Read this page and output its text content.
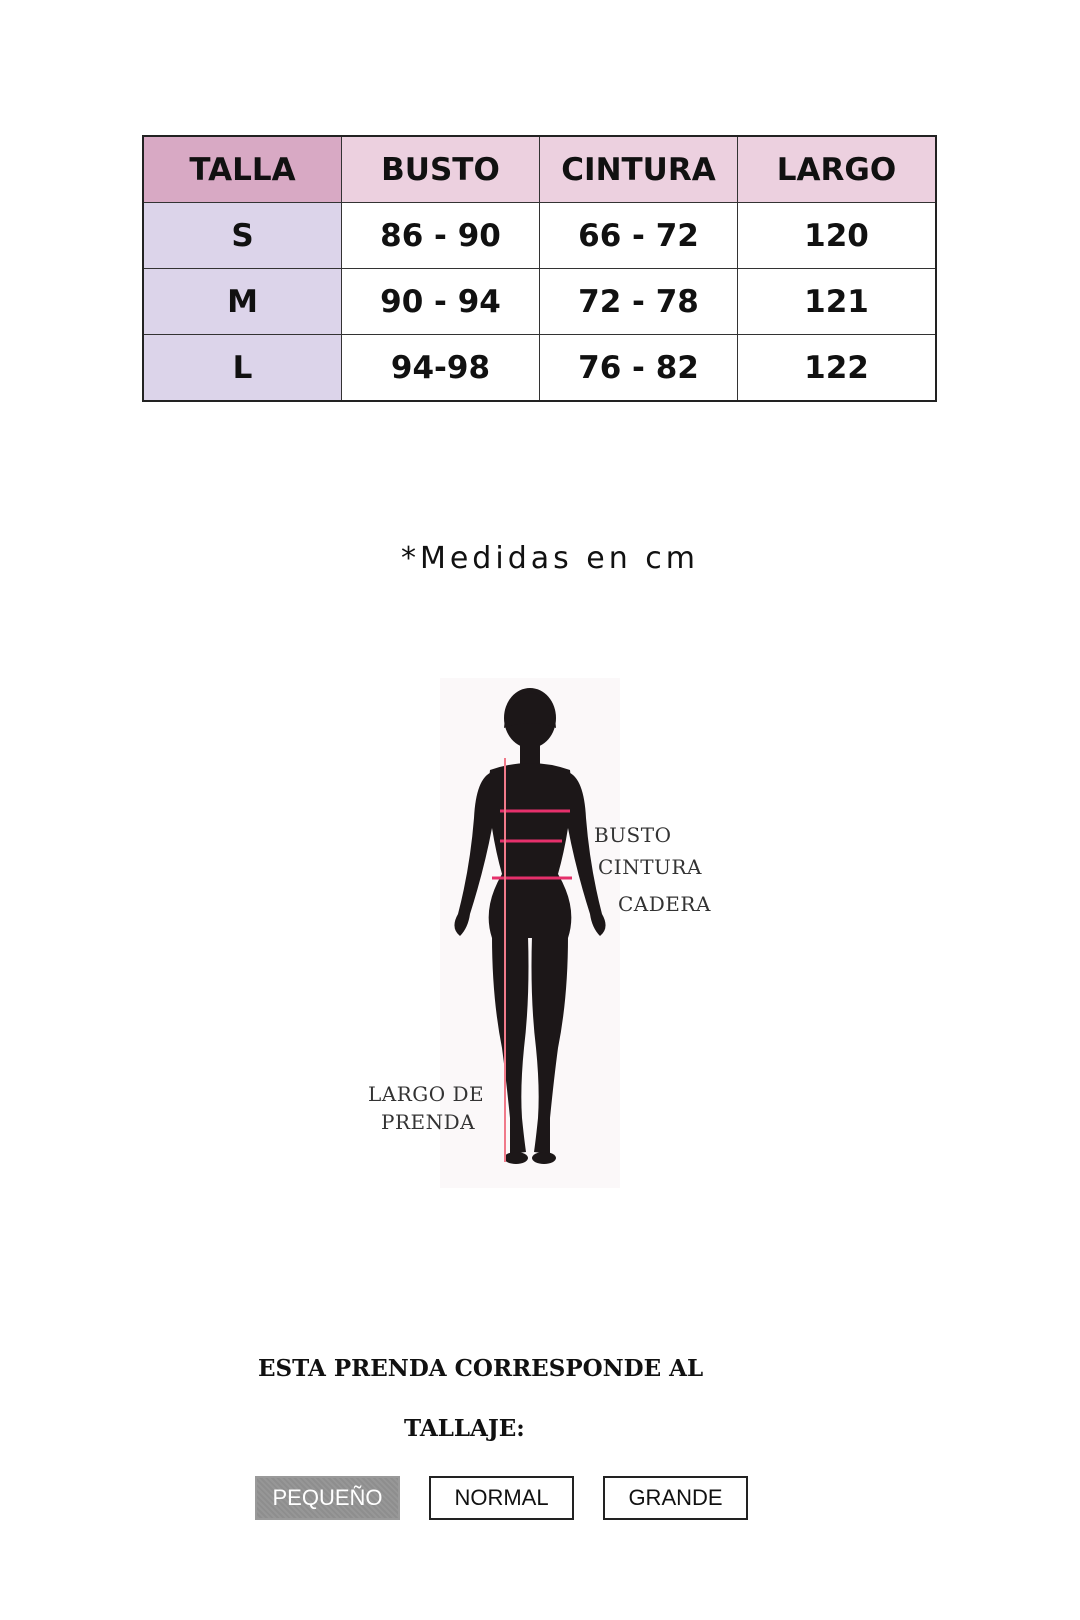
TALLA	BUSTO	CINTURA	LARGO
S	86 - 90	66 - 72	120
M	90 - 94	72 - 78	121
L	94-98	76 - 82	122
*Medidas en cm
BUSTO
CINTURA
CADERA
LARGO DE
PRENDA
ESTA PRENDA CORRESPONDE AL
TALLAJE:
PEQUEÑO	NORMAL	GRANDE
